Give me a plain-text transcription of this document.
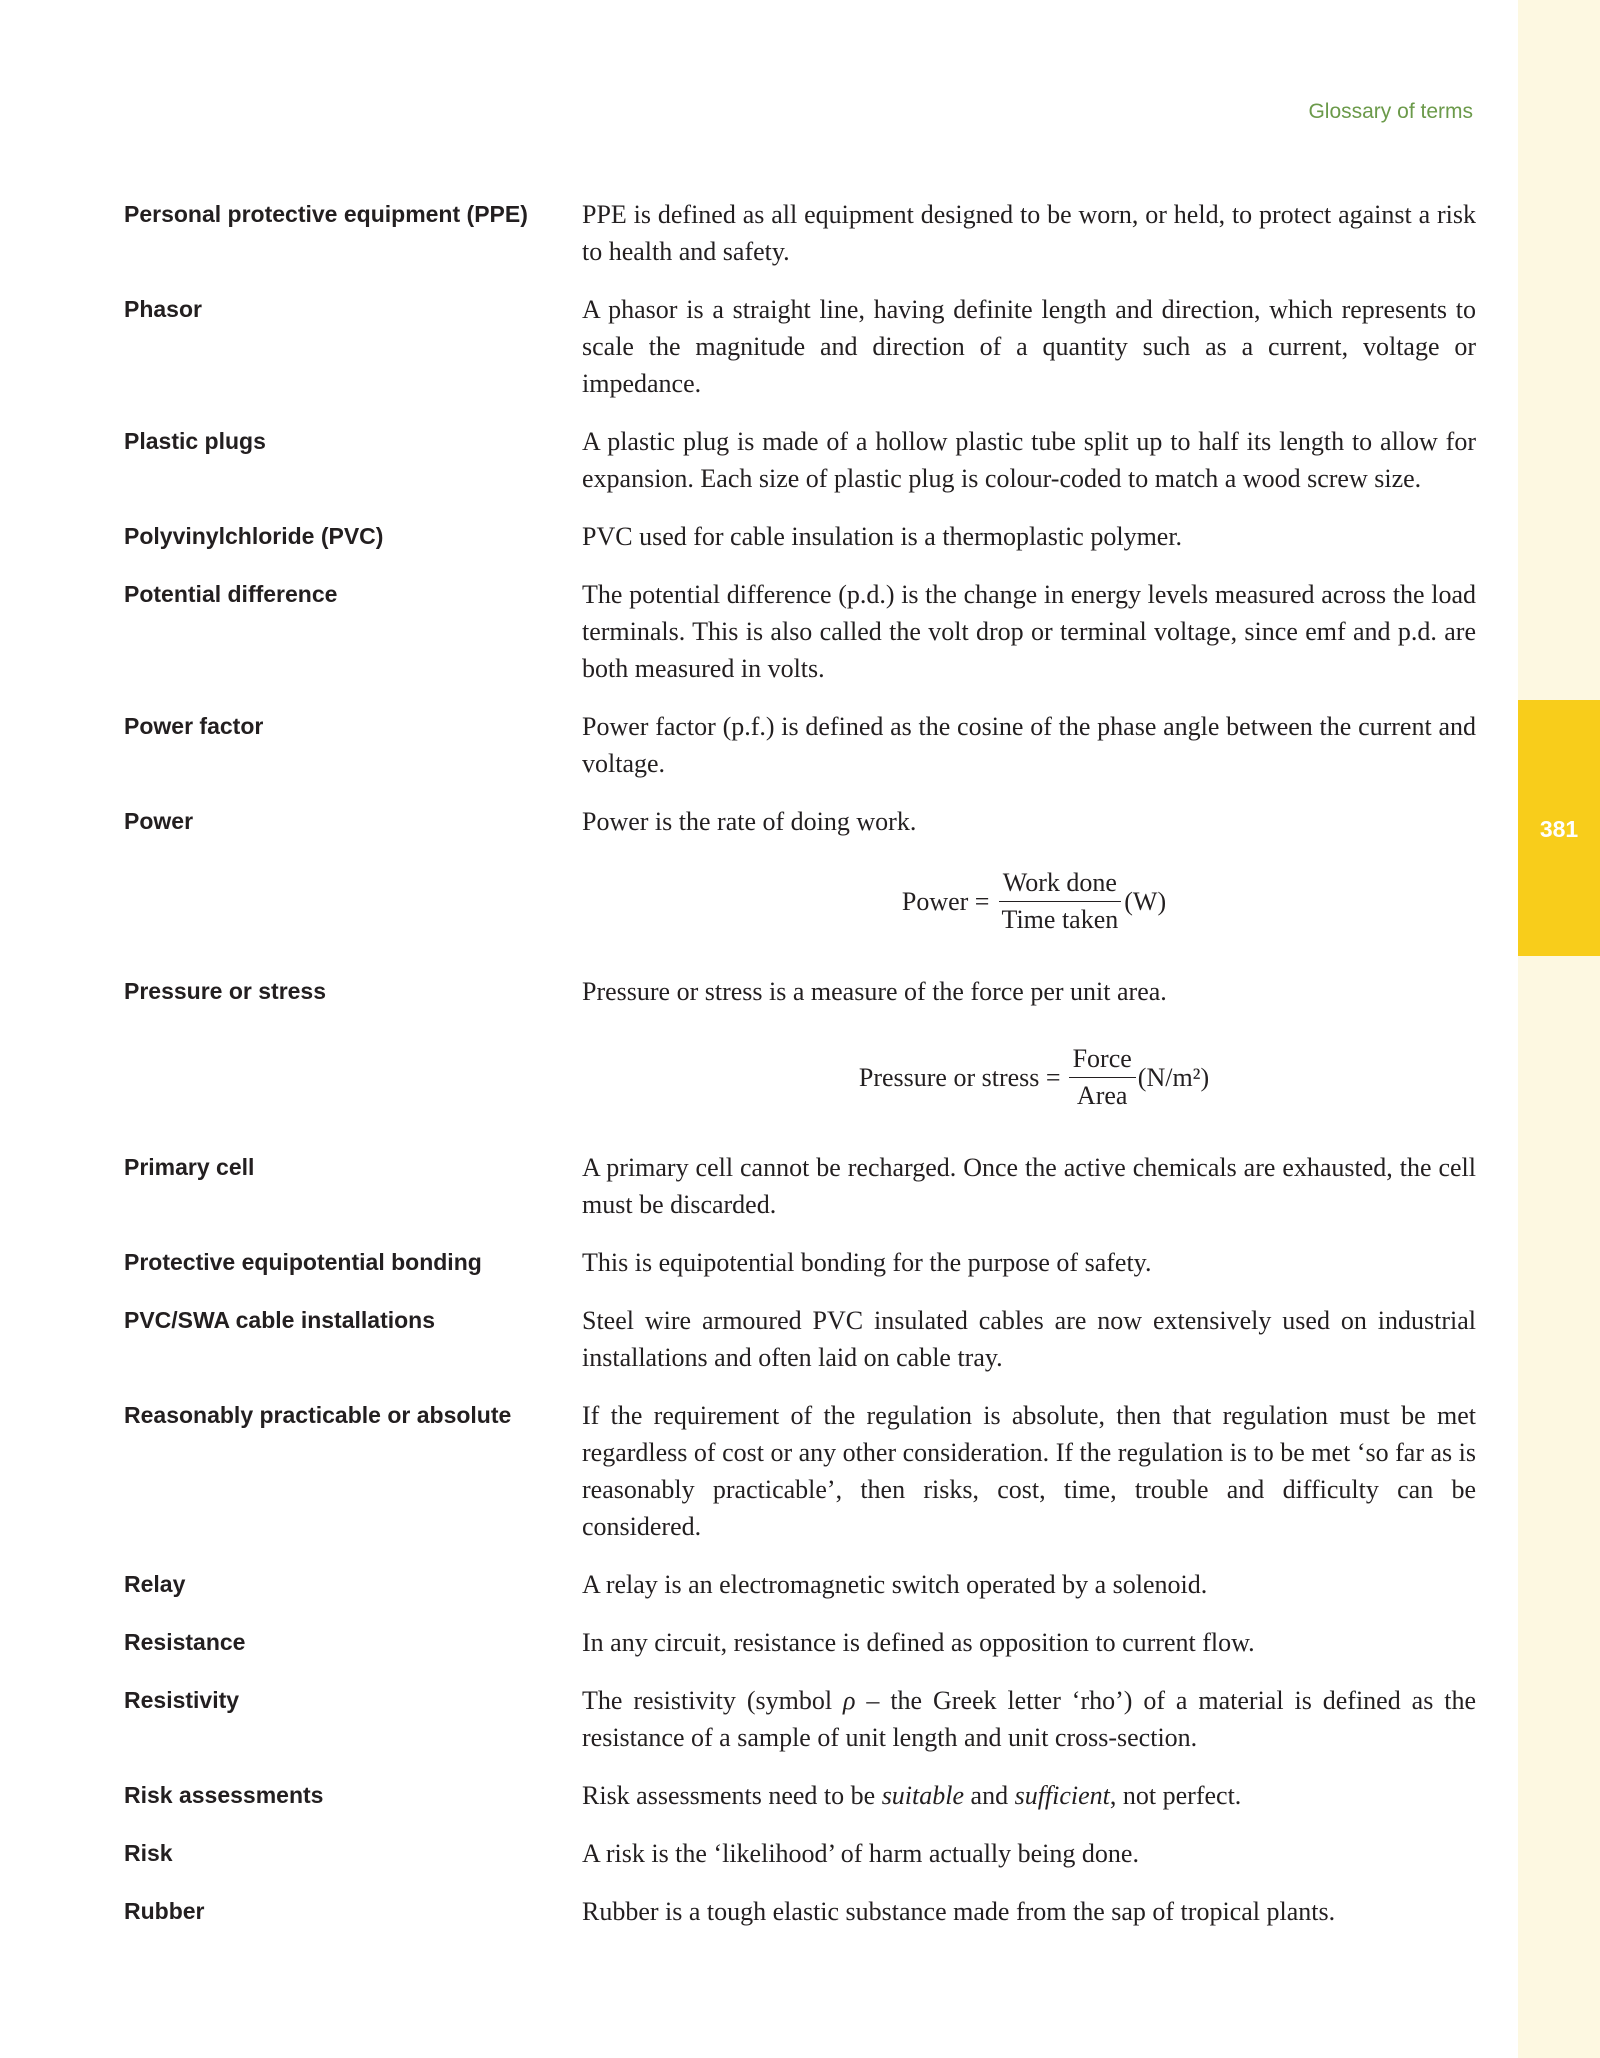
381
Glossary of terms
Personal protective equipment (PPE)	PPE is defined as all equipment designed to be worn, or held, to protect against a risk to health and safety.

Phasor	A phasor is a straight line, having definite length and direction, which represents to scale the magnitude and direction of a quantity such as a current, voltage or impedance.

Plastic plugs	A plastic plug is made of a hollow plastic tube split up to half its length to allow for expansion. Each size of plastic plug is colour-coded to match a wood screw size.

Polyvinylchloride (PVC)	PVC used for cable insulation is a thermoplastic polymer.

Potential difference	The potential difference (p.d.) is the change in energy levels measured across the load terminals. This is also called the volt drop or terminal voltage, since emf and p.d. are both measured in volts.

Power factor	Power factor (p.f.) is defined as the cosine of the phase angle between the current and voltage.

Power	Power is the rate of doing work.

Power = $\frac{\text{Work done}}{\text{Time taken}} (W)$
Pressure or stress	Pressure or stress is a measure of the force per unit area.

Pressure or stress = $\frac{\text{Force}}{\text{Area}} (N/m^2)$
Primary cell	A primary cell cannot be recharged. Once the active chemicals are exhausted, the cell must be discarded.

Protective equipotential bonding	This is equipotential bonding for the purpose of safety.

PVC/SWA cable installations	Steel wire armoured PVC insulated cables are now extensively used on industrial installations and often laid on cable tray.

Reasonably practicable or absolute	If the requirement of the regulation is absolute, then that regulation must be met regardless of cost or any other consideration. If the regulation is to be met ‘so far as is reasonably practicable’, then risks, cost, time, trouble and difficulty can be considered.

Relay	A relay is an electromagnetic switch operated by a solenoid.

Resistance	In any circuit, resistance is defined as opposition to current flow.

Resistivity	The resistivity (symbol ρ – the Greek letter ‘rho’) of a material is defined as the resistance of a sample of unit length and unit cross-section.

Risk assessments	Risk assessments need to be suitable and sufficient, not perfect.

Risk	A risk is the ‘likelihood’ of harm actually being done.

Rubber	Rubber is a tough elastic substance made from the sap of tropical plants.
